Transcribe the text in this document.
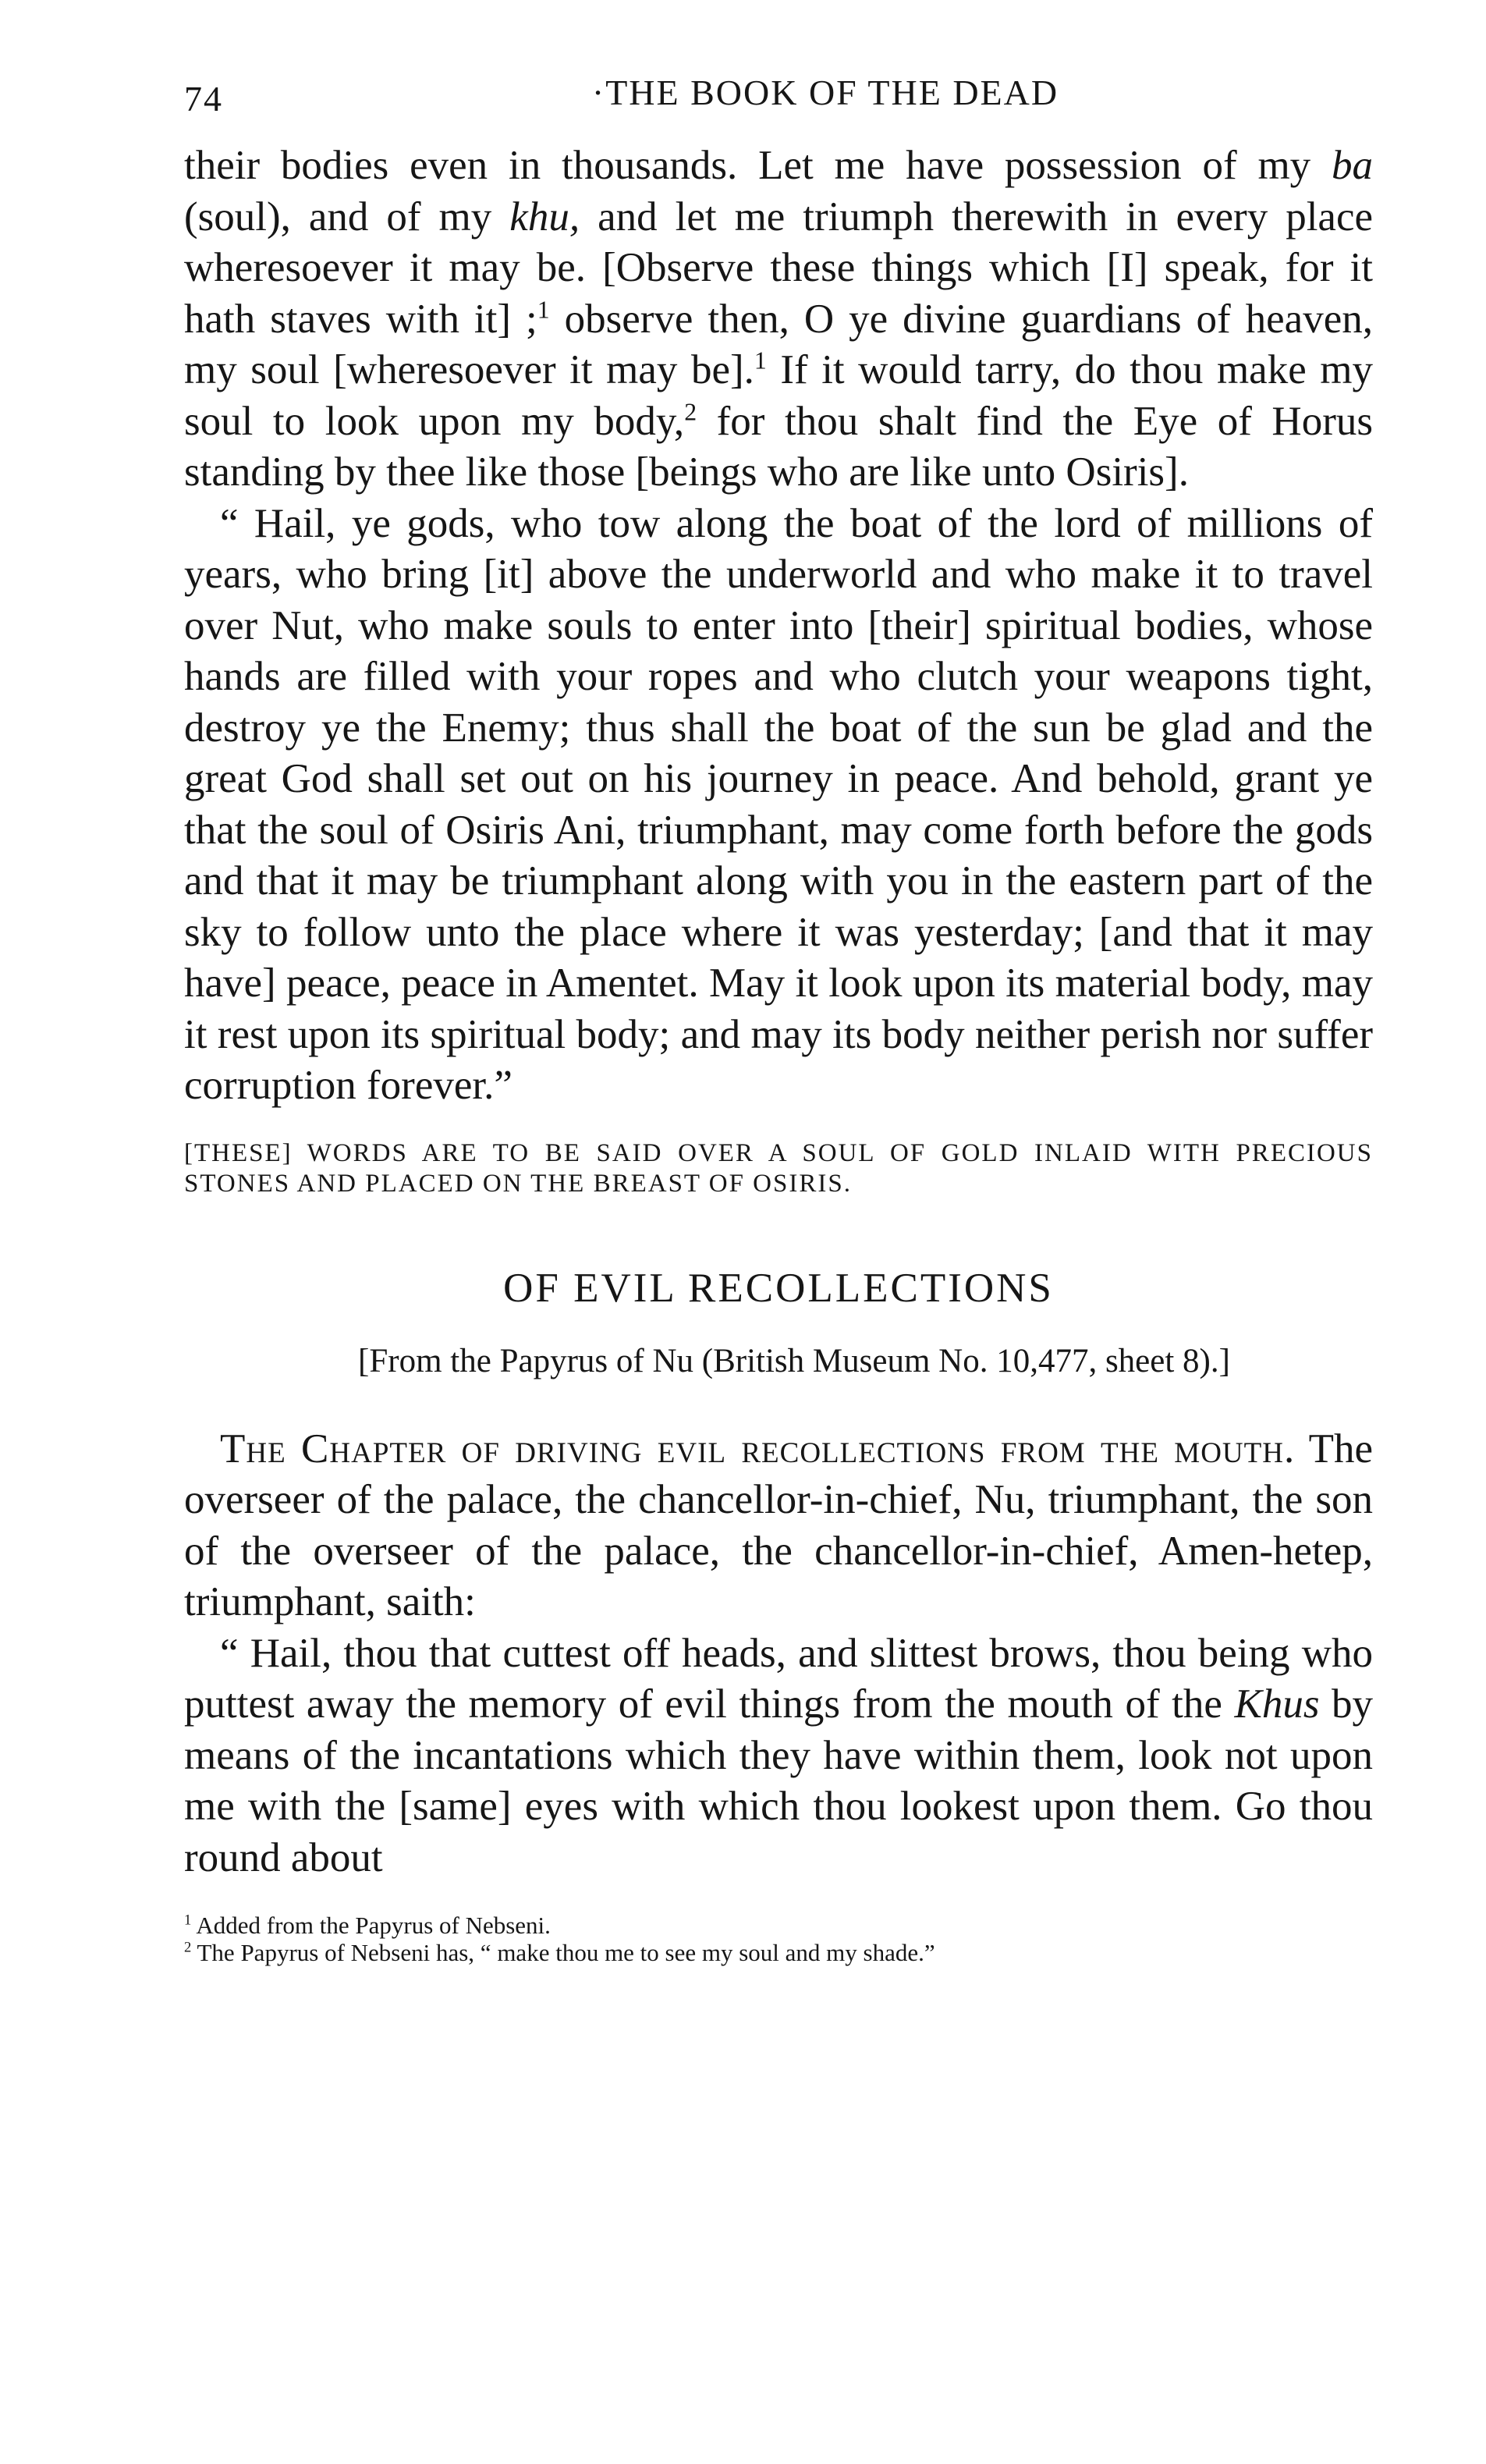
74	·THE BOOK OF THE DEAD

their bodies even in thousands. Let me have possession of my ba (soul), and of my khu, and let me triumph therewith in every place wheresoever it may be. [Observe these things which [I] speak, for it hath staves with it] ;$^1$ observe then, O ye divine guardians of heaven, my soul [wheresoever it may be].$^1$ If it would tarry, do thou make my soul to look upon my body,$^2$ for thou shalt find the Eye of Horus standing by thee like those [beings who are like unto Osiris].

“ Hail, ye gods, who tow along the boat of the lord of millions of years, who bring [it] above the underworld and who make it to travel over Nut, who make souls to enter into [their] spiritual bodies, whose hands are filled with your ropes and who clutch your weapons tight, destroy ye the Enemy; thus shall the boat of the sun be glad and the great God shall set out on his journey in peace. And behold, grant ye that the soul of Osiris Ani, triumphant, may come forth before the gods and that it may be triumphant along with you in the eastern part of the sky to follow unto the place where it was yesterday; [and that it may have] peace, peace in Amentet. May it look upon its material body, may it rest upon its spiritual body; and may its body neither perish nor suffer corruption forever.”

[THESE] WORDS ARE TO BE SAID OVER A SOUL OF GOLD INLAID WITH PRECIOUS STONES AND PLACED ON THE BREAST OF OSIRIS.

OF EVIL RECOLLECTIONS
[From the Papyrus of Nu (British Museum No. 10,477, sheet 8).]

The Chapter of driving evil recollections from the mouth. The overseer of the palace, the chancellor-in-chief, Nu, triumphant, the son of the overseer of the palace, the chancellor-in-chief, Amen-hetep, triumphant, saith:

“ Hail, thou that cuttest off heads, and slittest brows, thou being who puttest away the memory of evil things from the mouth of the Khus by means of the incantations which they have within them, look not upon me with the [same] eyes with which thou lookest upon them. Go thou round about

$^1$ Added from the Papyrus of Nebseni.

$^2$ The Papyrus of Nebseni has, “ make thou me to see my soul and my shade.”
